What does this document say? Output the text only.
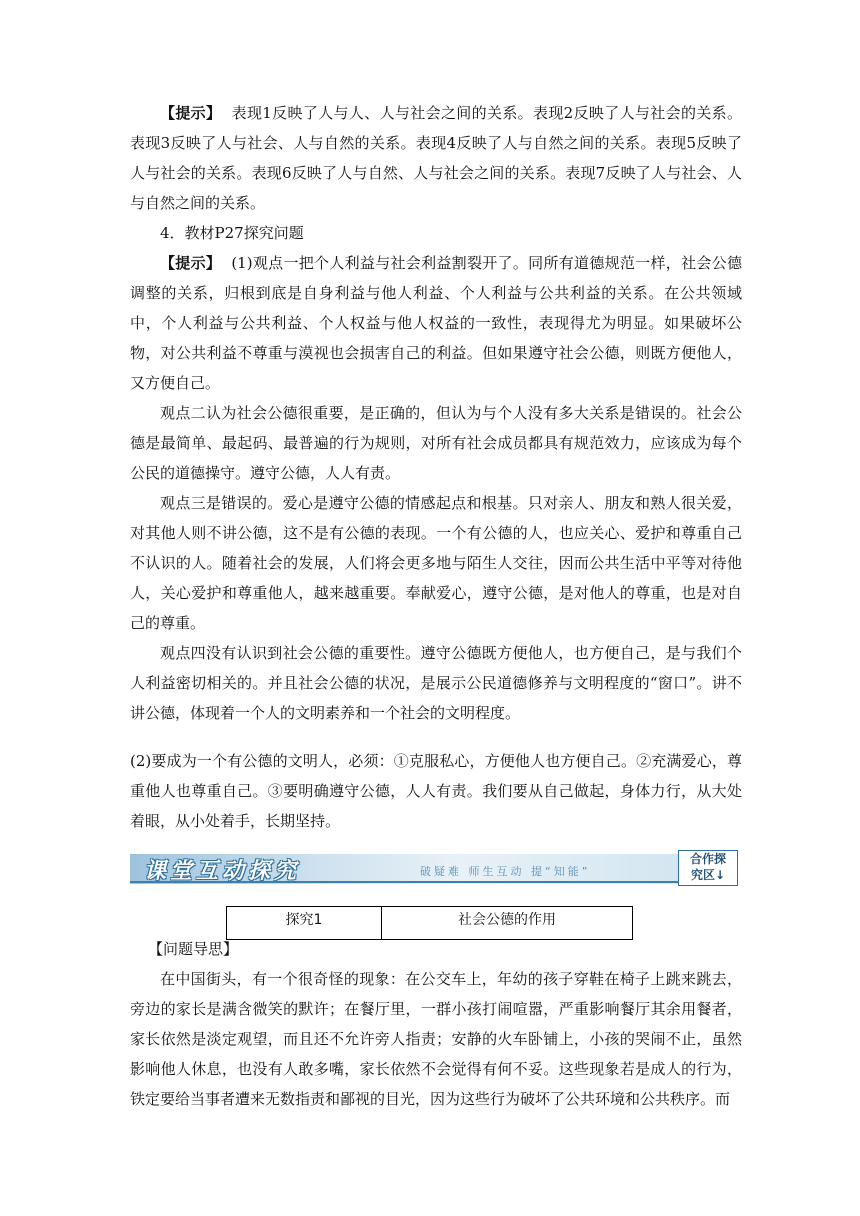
【提示】 表现1反映了人与人、人与社会之间的关系。表现2反映了人与社会的关系。表现3反映了人与社会、人与自然的关系。表现4反映了人与自然之间的关系。表现5反映了人与社会的关系。表现6反映了人与自然、人与社会之间的关系。表现7反映了人与社会、人与自然之间的关系。

4．教材P27探究问题

【提示】 (1)观点一把个人利益与社会利益割裂开了。同所有道德规范一样，社会公德调整的关系，归根到底是自身利益与他人利益、个人利益与公共利益的关系。在公共领域中，个人利益与公共利益、个人权益与他人权益的一致性，表现得尤为明显。如果破坏公物，对公共利益不尊重与漠视也会损害自己的利益。但如果遵守社会公德，则既方便他人，又方便自己。

观点二认为社会公德很重要，是正确的，但认为与个人没有多大关系是错误的。社会公德是最简单、最起码、最普遍的行为规则，对所有社会成员都具有规范效力，应该成为每个公民的道德操守。遵守公德，人人有责。

观点三是错误的。爱心是遵守公德的情感起点和根基。只对亲人、朋友和熟人很关爱，对其他人则不讲公德，这不是有公德的表现。一个有公德的人，也应关心、爱护和尊重自己不认识的人。随着社会的发展，人们将会更多地与陌生人交往，因而公共生活中平等对待他人，关心爱护和尊重他人，越来越重要。奉献爱心，遵守公德，是对他人的尊重，也是对自己的尊重。

观点四没有认识到社会公德的重要性。遵守公德既方便他人，也方便自己，是与我们个人利益密切相关的。并且社会公德的状况，是展示公民道德修养与文明程度的“窗口”。讲不讲公德，体现着一个人的文明素养和一个社会的文明程度。

(2)要成为一个有公德的文明人，必须：①克服私心，方便他人也方便自己。②充满爱心，尊重他人也尊重自己。③要明确遵守公德，人人有责。我们要从自己做起，身体力行，从大处着眼，从小处着手，长期坚持。

课堂互动探究	破疑难 师生互动 提“知能”
合作探
究区↓
探究1	社会公德的作用

【问题导思】

在中国街头，有一个很奇怪的现象：在公交车上，年幼的孩子穿鞋在椅子上跳来跳去，旁边的家长是满含微笑的默许；在餐厅里，一群小孩打闹喧嚣，严重影响餐厅其余用餐者，家长依然是淡定观望，而且还不允许旁人指责；安静的火车卧铺上，小孩的哭闹不止，虽然影响他人休息，也没有人敢多嘴，家长依然不会觉得有何不妥。这些现象若是成人的行为，铁定要给当事者遭来无数指责和鄙视的目光，因为这些行为破坏了公共环境和公共秩序。而
